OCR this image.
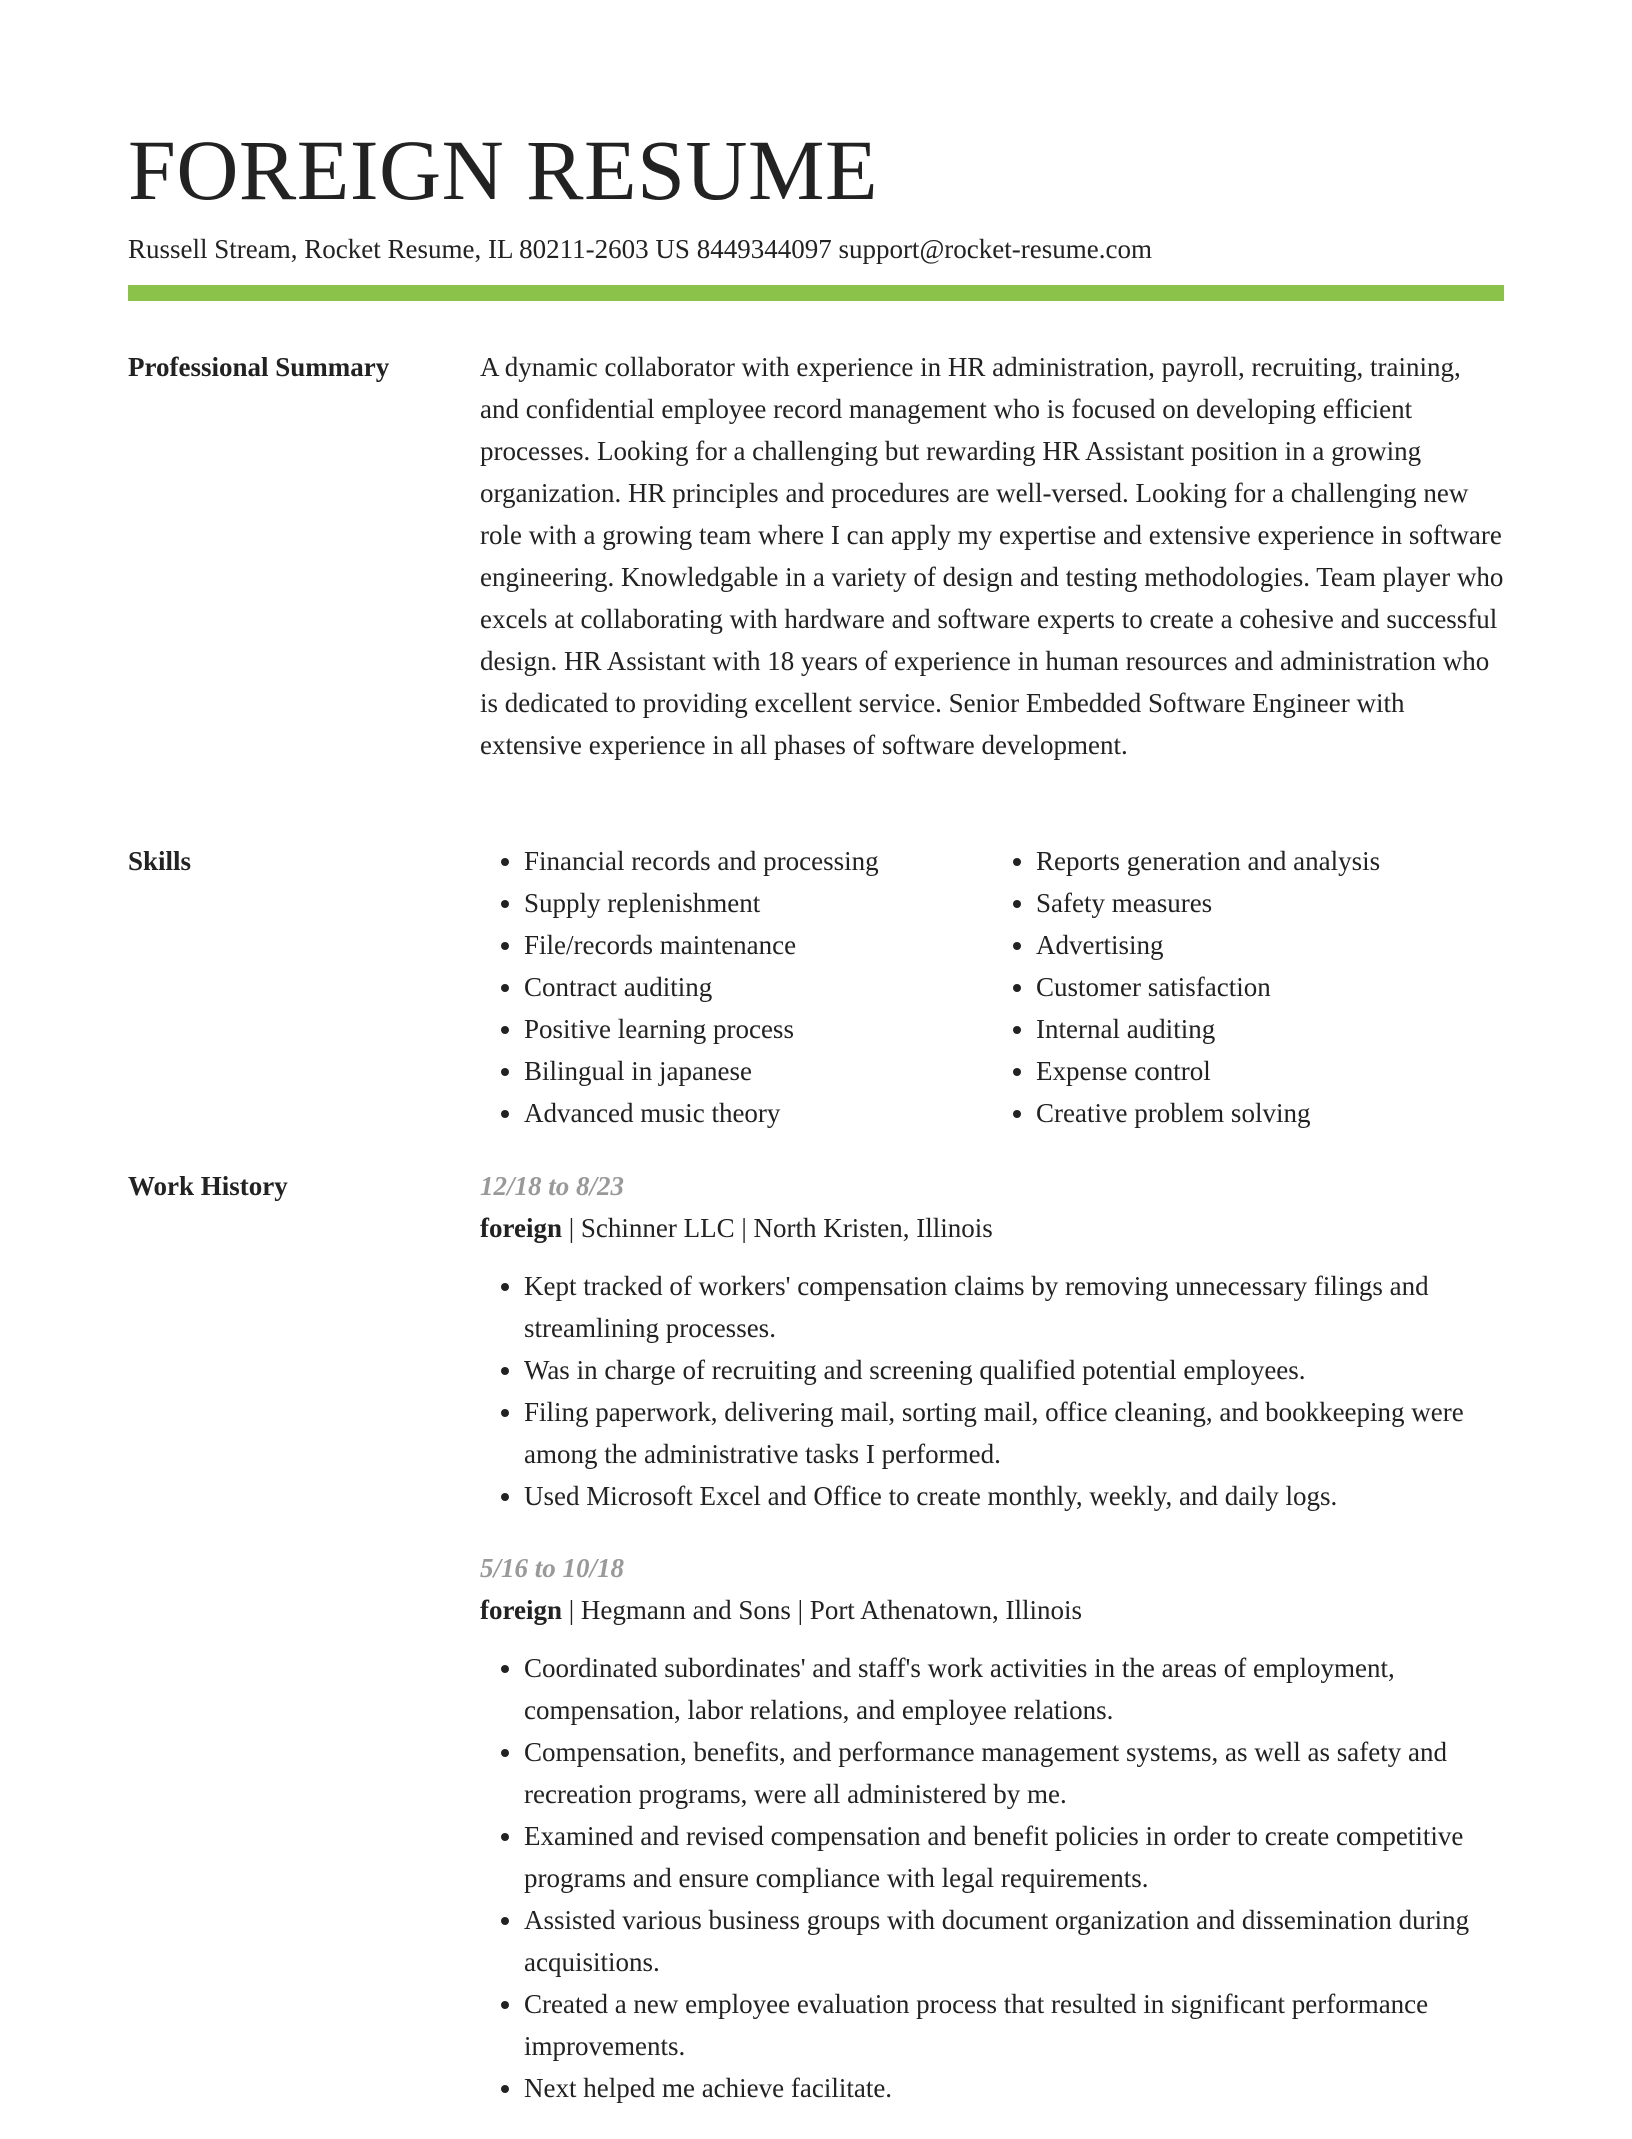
FOREIGN RESUME
Russell Stream, Rocket Resume, IL 80211-2603 US 8449344097 support@rocket-resume.com
Professional Summary	A dynamic collaborator with experience in HR administration, payroll, recruiting, training, and confidential employee record management who is focused on developing efficient processes. Looking for a challenging but rewarding HR Assistant position in a growing organization. HR principles and procedures are well-versed. Looking for a challenging new role with a growing team where I can apply my expertise and extensive experience in software engineering. Knowledgable in a variety of design and testing methodologies. Team player who excels at collaborating with hardware and software experts to create a cohesive and successful design. HR Assistant with 18 years of experience in human resources and administration who is dedicated to providing excellent service. Senior Embedded Software Engineer with extensive experience in all phases of software development.

Skills
•	Financial records and processing
• Supply replenishment
• File/records maintenance
• Contract auditing
• Positive learning process
• Bilingual in japanese
• Advanced music theory
• Reports generation and analysis
• Safety measures
• Advertising
• Customer satisfaction
• Internal auditing
• Expense control
• Creative problem solving
Work History	12/18 to 8/23
foreign | Schinner LLC | North Kristen, Illinois
• Kept tracked of workers' compensation claims by removing unnecessary filings and streamlining processes.
• Was in charge of recruiting and screening qualified potential employees.
• Filing paperwork, delivering mail, sorting mail, office cleaning, and bookkeeping were among the administrative tasks I performed.
• Used Microsoft Excel and Office to create monthly, weekly, and daily logs.
5/16 to 10/18
foreign | Hegmann and Sons | Port Athenatown, Illinois
• Coordinated subordinates' and staff's work activities in the areas of employment, compensation, labor relations, and employee relations.
• Compensation, benefits, and performance management systems, as well as safety and recreation programs, were all administered by me.
• Examined and revised compensation and benefit policies in order to create competitive programs and ensure compliance with legal requirements.
• Assisted various business groups with document organization and dissemination during acquisitions.
• Created a new employee evaluation process that resulted in significant performance improvements.
• Next helped me achieve facilitate.
